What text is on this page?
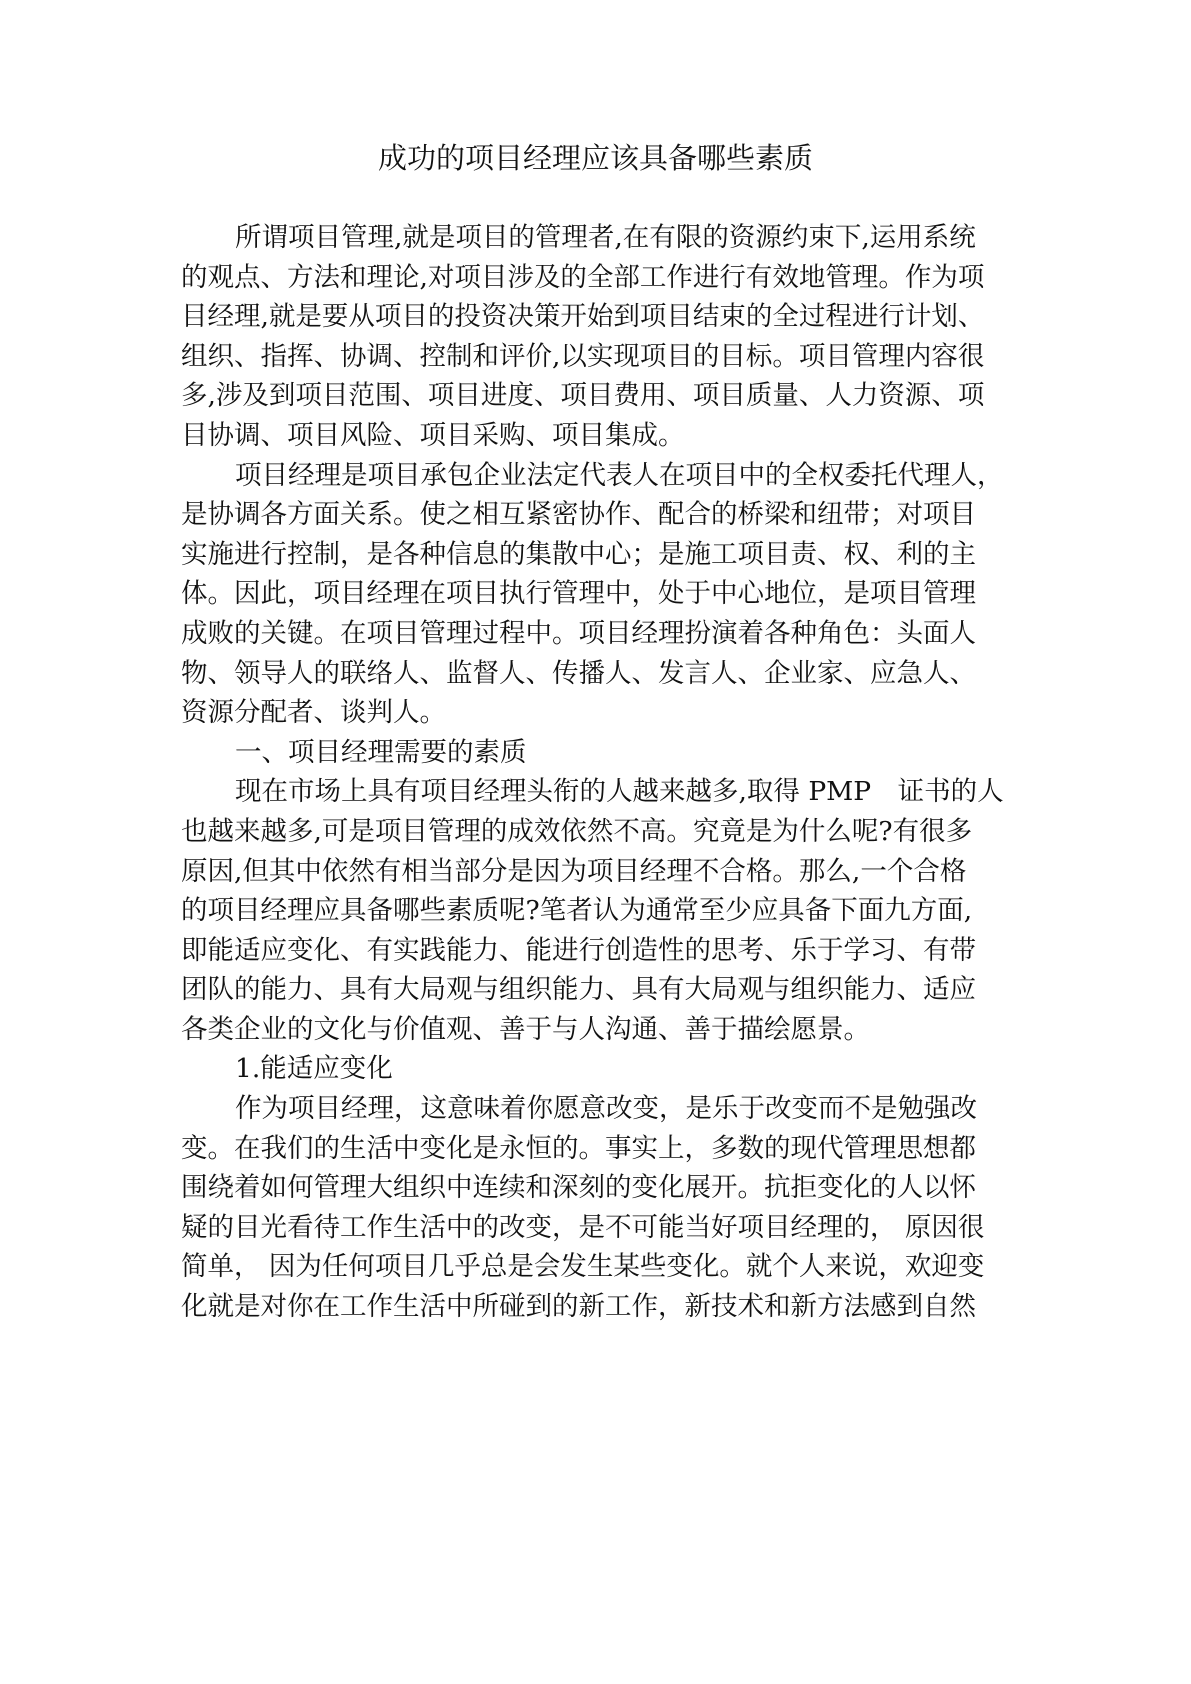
成功的项目经理应该具备哪些素质

所谓项目管理,就是项目的管理者,在有限的资源约束下,运用系统
的观点、方法和理论,对项目涉及的全部工作进行有效地管理。作为项
目经理,就是要从项目的投资决策开始到项目结束的全过程进行计划、
组织、指挥、协调、控制和评价,以实现项目的目标。项目管理内容很
多,涉及到项目范围、项目进度、项目费用、项目质量、人力资源、项
目协调、项目风险、项目采购、项目集成。

项目经理是项目承包企业法定代表人在项目中的全权委托代理人，
是协调各方面关系。使之相互紧密协作、配合的桥梁和纽带；对项目
实施进行控制，是各种信息的集散中心；是施工项目责、权、利的主
体。因此，项目经理在项目执行管理中，处于中心地位，是项目管理
成败的关键。在项目管理过程中。项目经理扮演着各种角色：头面人
物、领导人的联络人、监督人、传播人、发言人、企业家、应急人、
资源分配者、谈判人。

一、项目经理需要的素质

现在市场上具有项目经理头衔的人越来越多,取得 PMP　证书的人
也越来越多,可是项目管理的成效依然不高。究竟是为什么呢?有很多
原因,但其中依然有相当部分是因为项目经理不合格。那么,一个合格
的项目经理应具备哪些素质呢?笔者认为通常至少应具备下面九方面,
即能适应变化、有实践能力、能进行创造性的思考、乐于学习、有带
团队的能力、具有大局观与组织能力、具有大局观与组织能力、适应
各类企业的文化与价值观、善于与人沟通、善于描绘愿景。

1.能适应变化

作为项目经理，这意味着你愿意改变，是乐于改变而不是勉强改
变。在我们的生活中变化是永恒的。事实上，多数的现代管理思想都
围绕着如何管理大组织中连续和深刻的变化展开。抗拒变化的人以怀
疑的目光看待工作生活中的改变，是不可能当好项目经理的， 原因很
简单， 因为任何项目几乎总是会发生某些变化。就个人来说，欢迎变
化就是对你在工作生活中所碰到的新工作，新技术和新方法感到自然
